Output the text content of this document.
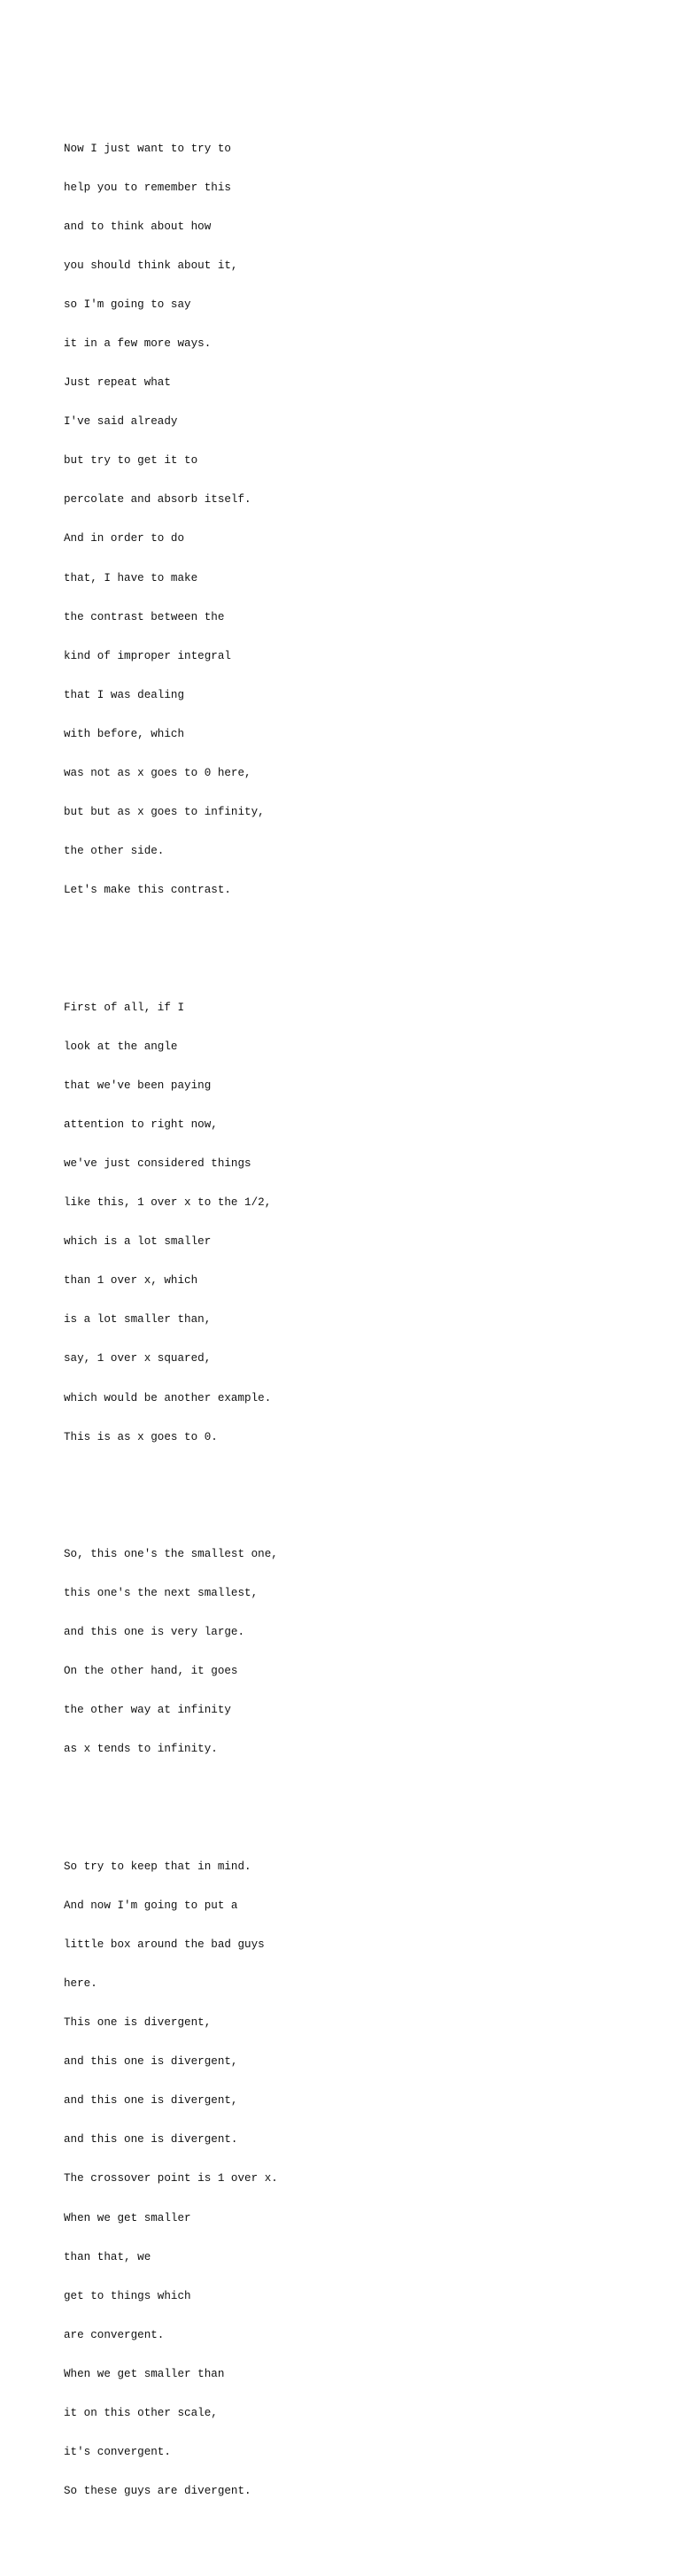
Now I just want to try to

help you to remember this

and to think about how

you should think about it,

so I'm going to say

it in a few more ways.

Just repeat what

I've said already

but try to get it to

percolate and absorb itself.

And in order to do

that, I have to make

the contrast between the

kind of improper integral

that I was dealing

with before, which

was not as x goes to 0 here,

but but as x goes to infinity,

the other side.

Let's make this contrast.

First of all, if I

look at the angle

that we've been paying

attention to right now,

we've just considered things

like this, 1 over x to the 1/2,

which is a lot smaller

than 1 over x, which

is a lot smaller than,

say, 1 over x squared,

which would be another example.

This is as x goes to 0.

So, this one's the smallest one,

this one's the next smallest,

and this one is very large.

On the other hand, it goes

the other way at infinity

as x tends to infinity.

So try to keep that in mind.

And now I'm going to put a

little box around the bad guys

here.

This one is divergent,

and this one is divergent,

and this one is divergent,

and this one is divergent.

The crossover point is 1 over x.

When we get smaller

than that, we

get to things which

are convergent.

When we get smaller than

it on this other scale,

it's convergent.

So these guys are divergent.
